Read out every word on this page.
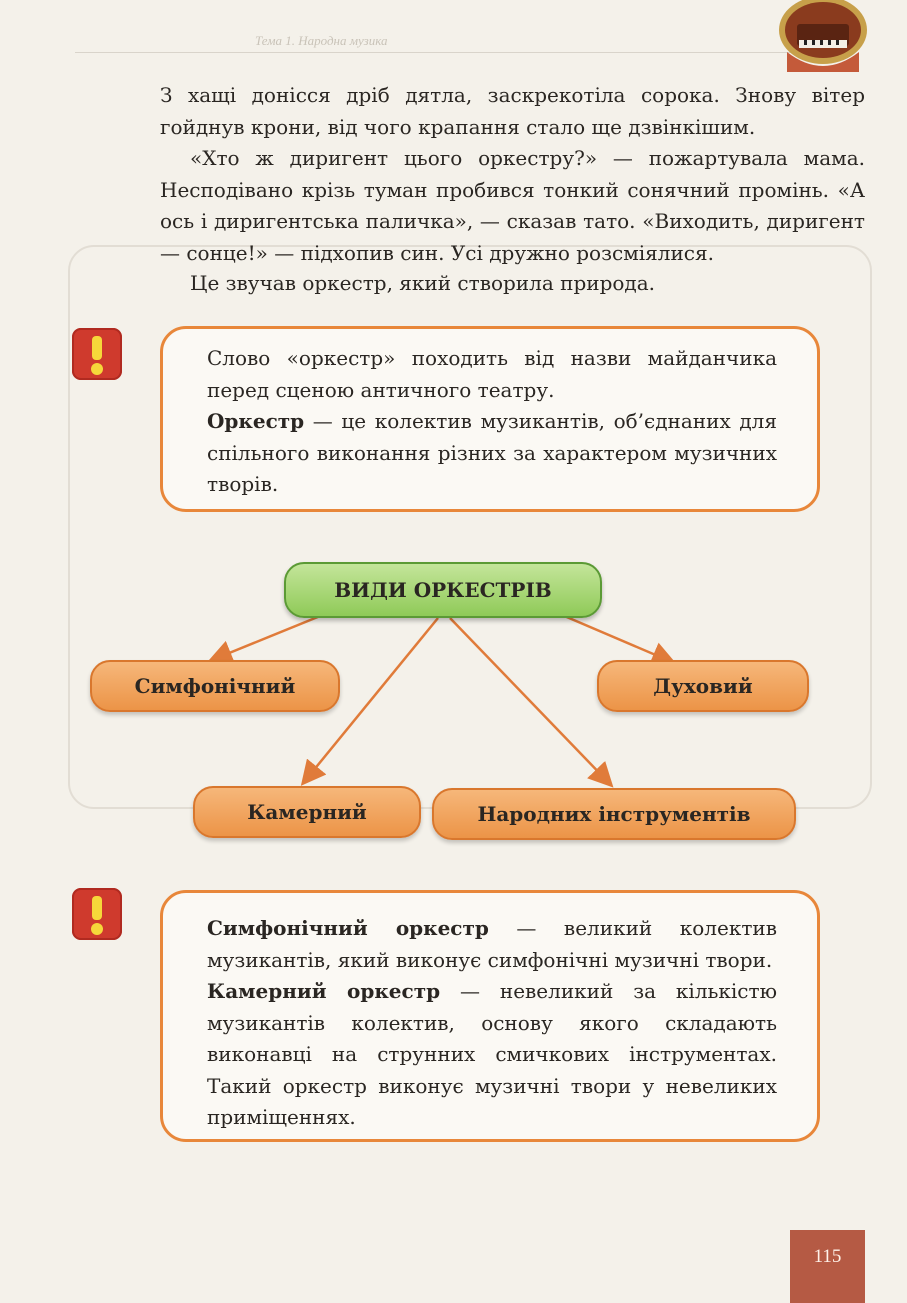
Тема 1. Народна музика

З хащі донісся дріб дятла, заскрекотіла сорока. Знову вітер гойднув крони, від чого крапання стало ще дзвінкішим.

«Хто ж диригент цього оркестру?» — пожартувала мама. Несподівано крізь туман пробився тонкий сонячний промінь. «А ось і диригентська паличка», — сказав тато. «Виходить, диригент — сонце!» — підхопив син. Усі дружно розсміялися.

Це звучав оркестр, який створила природа.

Слово «оркестр» походить від назви майданчика перед сценою античного театру.

Оркестр — це колектив музикантів, об’єднаних для спільного виконання різних за характером музичних творів.

ВИДИ ОРКЕСТРІВ
Симфонічний	Духовий
Камерний	Народних інструментів

Симфонічний оркестр — великий колектив музикантів, який виконує симфонічні музичні твори.

Камерний оркестр — невеликий за кількістю музикантів колектив, основу якого складають виконавці на струнних смичкових інструментах. Такий оркестр виконує музичні твори у невеликих приміщеннях.

115
